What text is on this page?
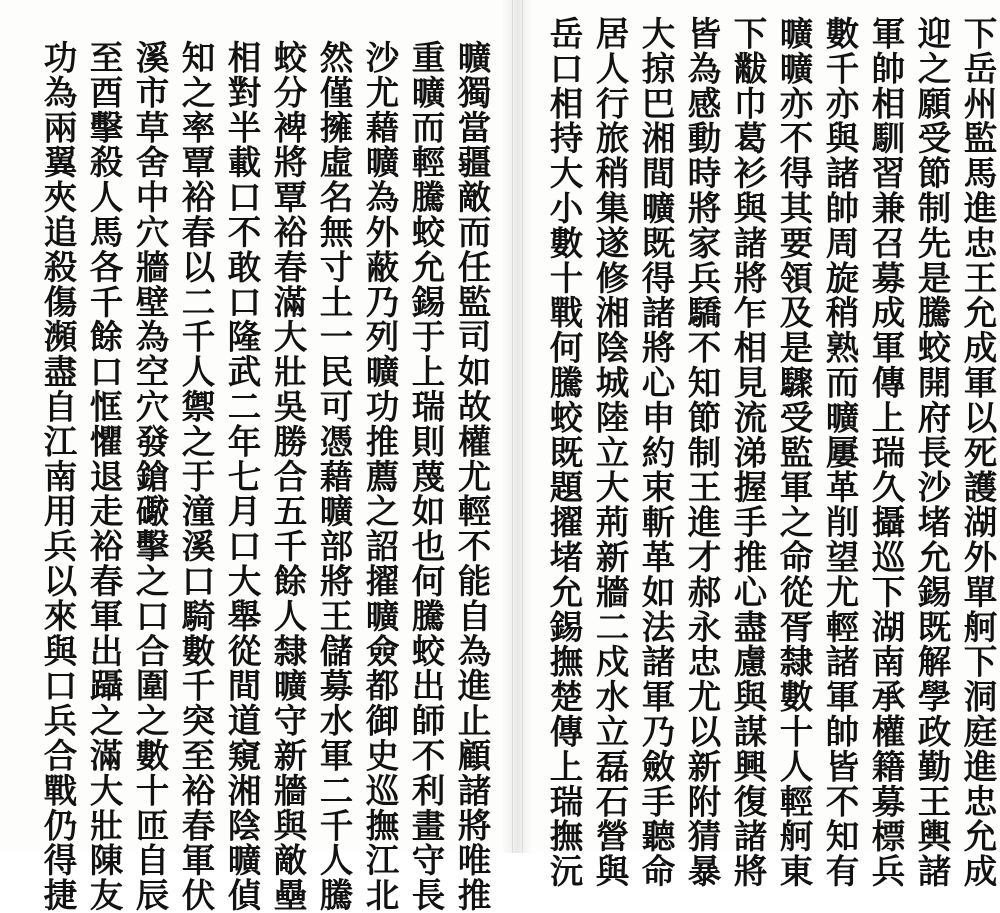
下岳州監馬進忠王允成軍以死護湖外單舸下洞庭進忠允成
迎之願受節制先是騰蛟開府長沙堵允錫既解學政勤王輿諸
軍帥相馴習兼召募成軍傳上瑞久攝巡下湖南承權籍募標兵
數千亦與諸帥周旋稍熟而曠屢革削望尤輕諸軍帥皆不知有
曠曠亦不得其要領及是驟受監軍之命從胥隸數十人輕舸東
下黻巾葛衫與諸將乍相見流涕握手推心盡慮與謀興復諸將
皆為感動時將家兵驕不知節制王進才郝永忠尤以新附猜暴
大掠巴湘間曠既得諸將心申約束斬革如法諸軍乃斂手聽命
居人行旅稍集遂修湘陰城陸立大荊新牆二戍水立磊石營與
岳口相持大小數十戰何騰蛟既題擢堵允錫撫楚傳上瑞撫沅
曠獨當疆敵而任監司如故權尤輕不能自為進止顧諸將唯推
重曠而輕騰蛟允錫于上瑞則蔑如也何騰蛟出師不利畫守長
沙尤藉曠為外蔽乃列曠功推薦之詔擢曠僉都御史巡撫江北
然僅擁虛名無寸土一民可憑藉曠部將王儲募水軍二千人騰
蛟分裨將覃裕春滿大壯吳勝合五千餘人隸曠守新牆與敵壘
相對半載口不敢口隆武二年七月口大舉從間道窺湘陰曠偵
知之率覃裕春以二千人禦之于潼溪口騎數千突至裕春軍伏
溪市草舍中穴牆壁為空穴發鎗礮擊之口合圍之數十匝自辰
至酉擊殺人馬各千餘口恇懼退走裕春軍出躡之滿大壯陳友
功為兩翼夾追殺傷瀕盡自江南用兵以來與口兵合戰仍得捷
